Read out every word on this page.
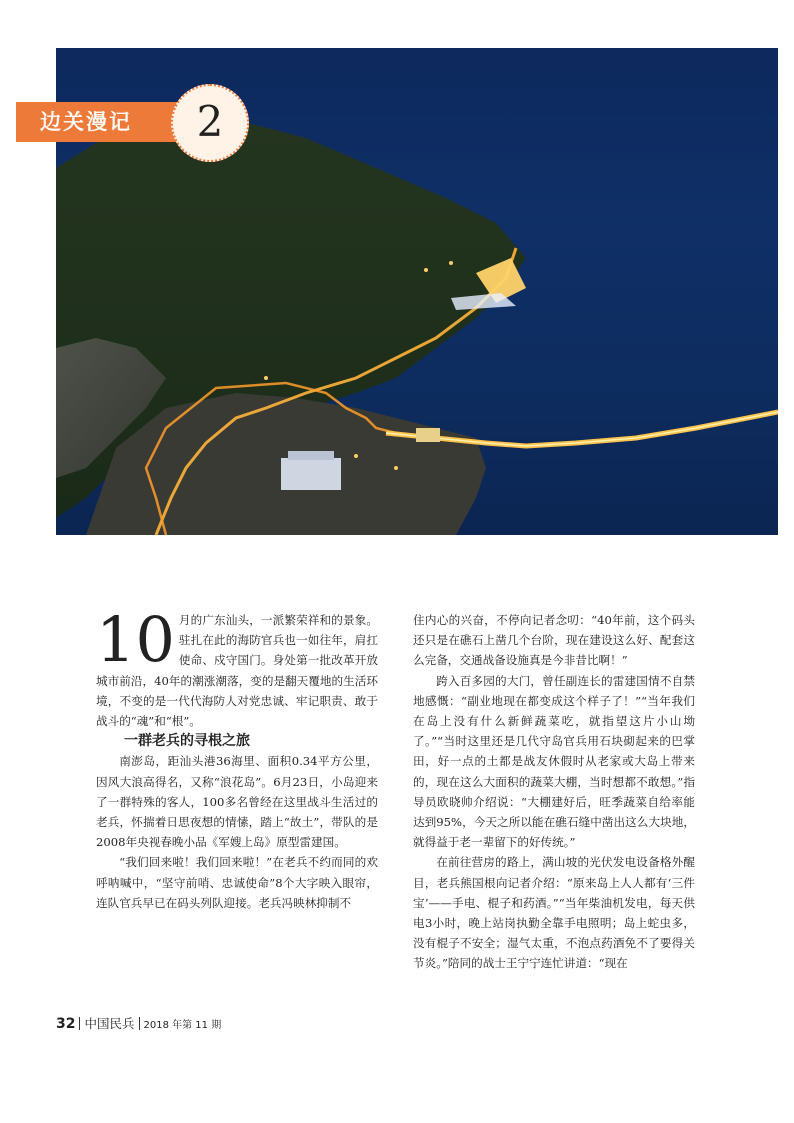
边关漫记	2

10 月的广东汕头，一派繁荣祥和的景象。驻扎在此的海防官兵也一如往年，肩扛使命、戍守国门。身处第一批改革开放城市前沿，40年的潮涨潮落，变的是翻天覆地的生活环境，不变的是一代代海防人对党忠诚、牢记职责、敢于战斗的“魂”和“根”。

一群老兵的寻根之旅

南澎岛，距汕头港36海里、面积0.34平方公里，因风大浪高得名，又称“浪花岛”。6月23日，小岛迎来了一群特殊的客人，100多名曾经在这里战斗生活过的老兵，怀揣着日思夜想的情愫，踏上“故土”，带队的是2008年央视春晚小品《军嫂上岛》原型雷建国。

“我们回来啦！我们回来啦！”在老兵不约而同的欢呼呐喊中，“坚守前哨、忠诚使命”8个大字映入眼帘，连队官兵早已在码头列队迎接。老兵冯映林抑制不

住内心的兴奋，不停向记者念叨：“40年前，这个码头还只是在礁石上凿几个台阶，现在建设这么好、配套这么完备，交通战备设施真是今非昔比啊！”

跨入百多园的大门，曾任副连长的雷建国情不自禁地感慨：“副业地现在都变成这个样子了！”“当年我们在岛上没有什么新鲜蔬菜吃，就指望这片小山坳了。”“当时这里还是几代守岛官兵用石块砌起来的巴掌田，好一点的土都是战友休假时从老家或大岛上带来的，现在这么大面积的蔬菜大棚，当时想都不敢想。”指导员欧晓帅介绍说：“大棚建好后，旺季蔬菜自给率能达到95%，今天之所以能在礁石缝中凿出这么大块地，就得益于老一辈留下的好传统。”

在前往营房的路上，满山坡的光伏发电设备格外醒目，老兵熊国根向记者介绍：“原来岛上人人都有‘三件宝’——手电、棍子和药酒。”“当年柴油机发电，每天供电3小时，晚上站岗执勤全靠手电照明；岛上蛇虫多，没有棍子不安全；湿气太重，不泡点药酒免不了要得关节炎。”陪同的战士王宁宁连忙讲道：“现在

32 中国民兵 2018 年第 11 期
